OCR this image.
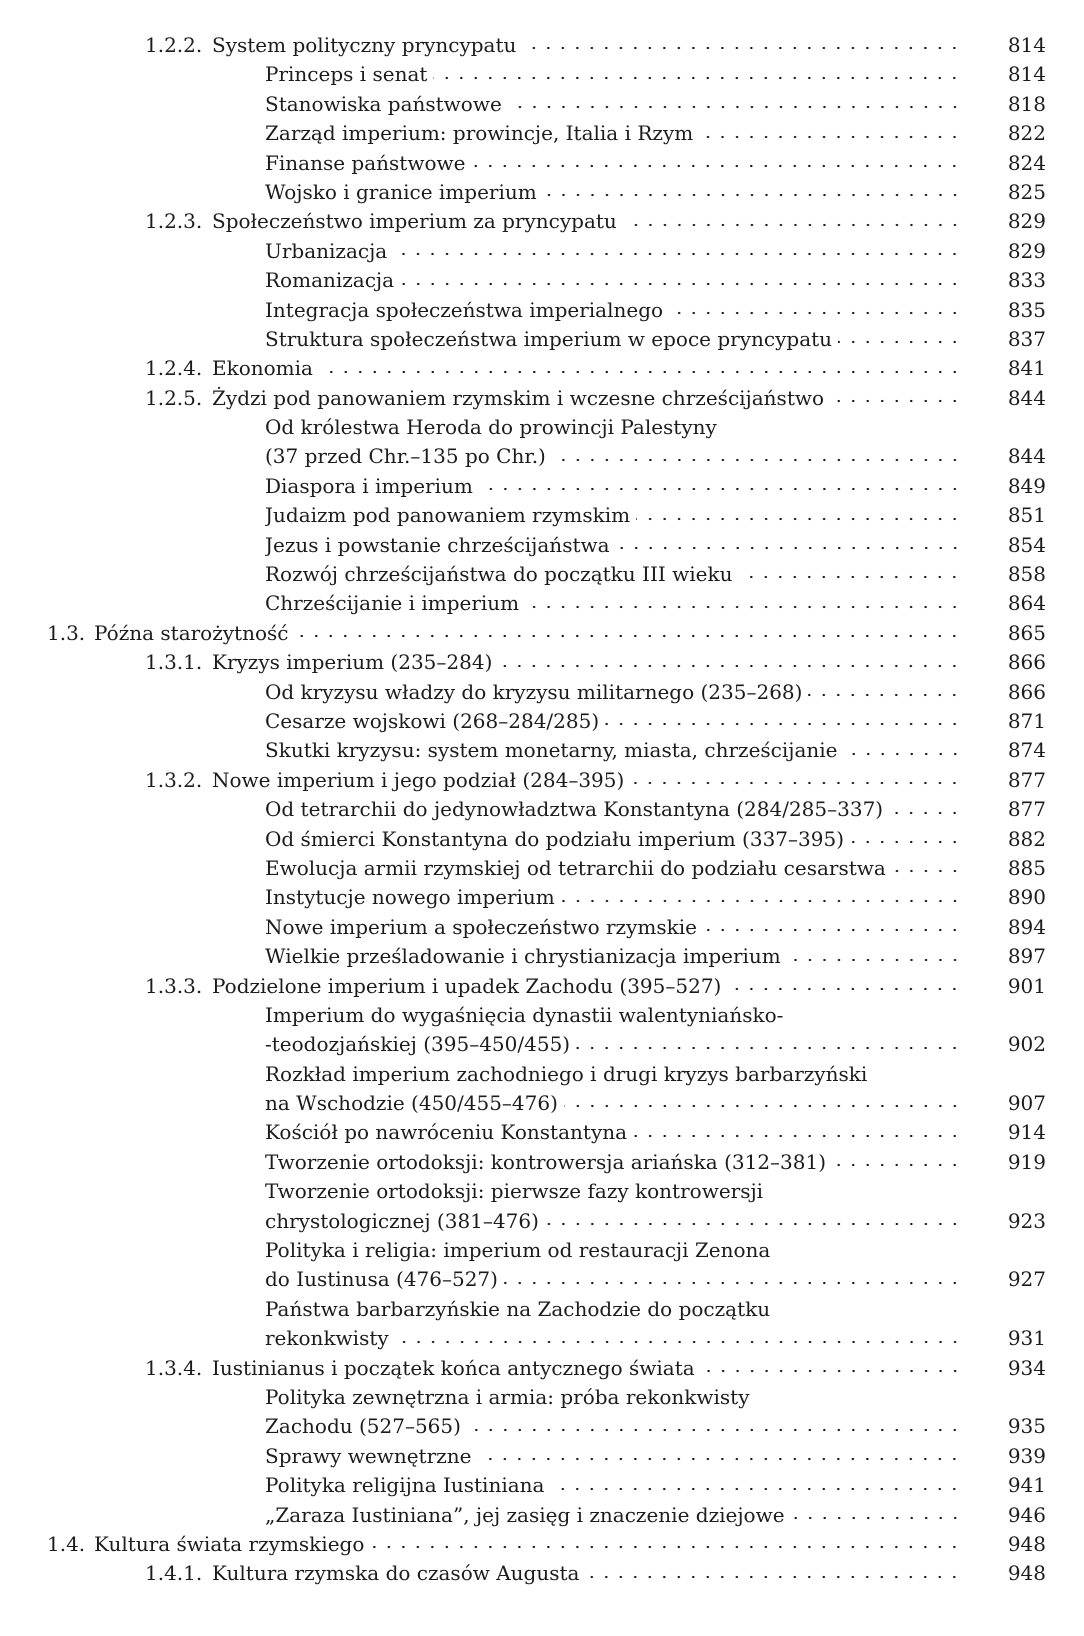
1.2.2. System polityczny pryncypatu	814
Princeps i senat	814
Stanowiska państwowe	818
Zarząd imperium: prowincje, Italia i Rzym	822
Finanse państwowe	824
Wojsko i granice imperium	825
1.2.3. Społeczeństwo imperium za pryncypatu	829
Urbanizacja	829
Romanizacja	833
Integracja społeczeństwa imperialnego	835
Struktura społeczeństwa imperium w epoce pryncypatu	837
1.2.4. Ekonomia	841
1.2.5. Żydzi pod panowaniem rzymskim i wczesne chrześcijaństwo	844
Od królestwa Heroda do prowincji Palestyny
(37 przed Chr.–135 po Chr.)	844
Diaspora i imperium	849
Judaizm pod panowaniem rzymskim	851
Jezus i powstanie chrześcijaństwa	854
Rozwój chrześcijaństwa do początku III wieku	858
Chrześcijanie i imperium	864
1.3. Późna starożytność	865
1.3.1. Kryzys imperium (235–284)	866
Od kryzysu władzy do kryzysu militarnego (235–268)	866
Cesarze wojskowi (268–284/285)	871
Skutki kryzysu: system monetarny, miasta, chrześcijanie	874
1.3.2. Nowe imperium i jego podział (284–395)	877
Od tetrarchii do jedynowładztwa Konstantyna (284/285–337)	877
Od śmierci Konstantyna do podziału imperium (337–395)	882
Ewolucja armii rzymskiej od tetrarchii do podziału cesarstwa	885
Instytucje nowego imperium	890
Nowe imperium a społeczeństwo rzymskie	894
Wielkie prześladowanie i chrystianizacja imperium	897
1.3.3. Podzielone imperium i upadek Zachodu (395–527)	901
Imperium do wygaśnięcia dynastii walentyniańsko-
-teodozjańskiej (395–450/455)	902
Rozkład imperium zachodniego i drugi kryzys barbarzyński
na Wschodzie (450/455–476)	907
Kościół po nawróceniu Konstantyna	914
Tworzenie ortodoksji: kontrowersja ariańska (312–381)	919
Tworzenie ortodoksji: pierwsze fazy kontrowersji
chrystologicznej (381–476)	923
Polityka i religia: imperium od restauracji Zenona
do Iustinusa (476–527)	927
Państwa barbarzyńskie na Zachodzie do początku
rekonkwisty	931
1.3.4. Iustinianus i początek końca antycznego świata	934
Polityka zewnętrzna i armia: próba rekonkwisty
Zachodu (527–565)	935
Sprawy wewnętrzne	939
Polityka religijna Iustiniana	941
„Zaraza Iustiniana”, jej zasięg i znaczenie dziejowe	946
1.4. Kultura świata rzymskiego	948
1.4.1. Kultura rzymska do czasów Augusta	948
